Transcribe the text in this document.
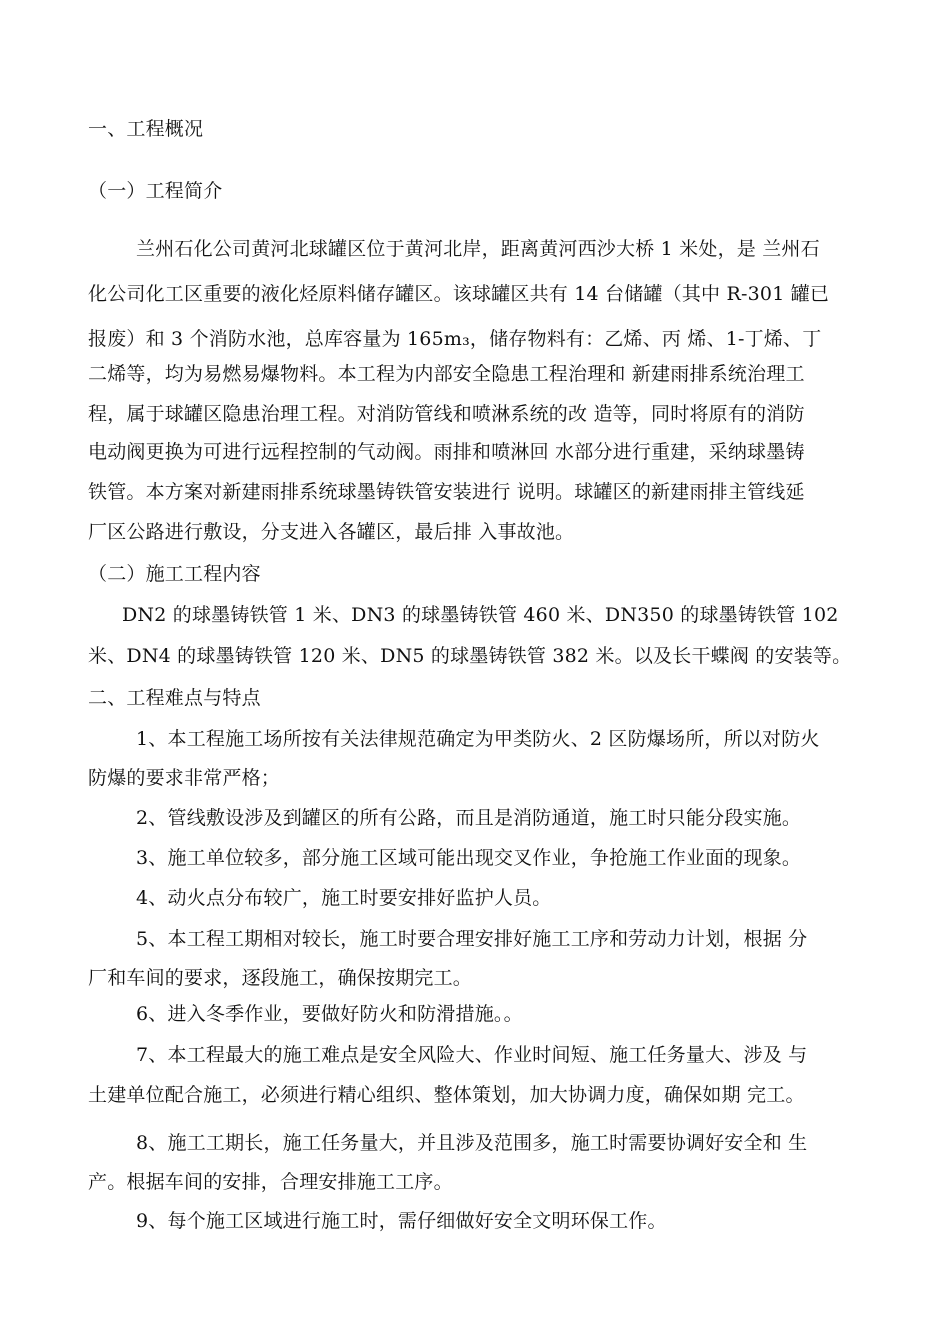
一、工程概况
（一）工程简介
兰州石化公司黄河北球罐区位于黄河北岸，距离黄河西沙大桥 1 米处，是 兰州石
化公司化工区重要的液化烃原料储存罐区。该球罐区共有 14 台储罐（其中 R-301 罐已
报废）和 3 个消防水池，总库容量为 165m₃，储存物料有：乙烯、丙 烯、1-丁烯、丁
二烯等，均为易燃易爆物料。本工程为内部安全隐患工程治理和 新建雨排系统治理工
程，属于球罐区隐患治理工程。对消防管线和喷淋系统的改 造等，同时将原有的消防
电动阀更换为可进行远程控制的气动阀。雨排和喷淋回 水部分进行重建，采纳球墨铸
铁管。本方案对新建雨排系统球墨铸铁管安装进行 说明。球罐区的新建雨排主管线延
厂区公路进行敷设，分支进入各罐区，最后排 入事故池。
（二）施工工程内容
DN2 的球墨铸铁管 1 米、DN3 的球墨铸铁管 460 米、DN350 的球墨铸铁管 102
米、DN4 的球墨铸铁管 120 米、DN5 的球墨铸铁管 382 米。以及长干蝶阀 的安装等。
二、工程难点与特点
1、本工程施工场所按有关法律规范确定为甲类防火、2 区防爆场所，所以对防火
防爆的要求非常严格；
2、管线敷设涉及到罐区的所有公路，而且是消防通道，施工时只能分段实施。
3、施工单位较多，部分施工区域可能出现交叉作业，争抢施工作业面的现象。
4、动火点分布较广，施工时要安排好监护人员。
5、本工程工期相对较长，施工时要合理安排好施工工序和劳动力计划，根据 分
厂和车间的要求，逐段施工，确保按期完工。
6、进入冬季作业，要做好防火和防滑措施。。
7、本工程最大的施工难点是安全风险大、作业时间短、施工任务量大、涉及 与
土建单位配合施工，必须进行精心组织、整体策划，加大协调力度，确保如期 完工。
8、施工工期长，施工任务量大，并且涉及范围多，施工时需要协调好安全和 生
产。根据车间的安排，合理安排施工工序。
9、每个施工区域进行施工时，需仔细做好安全文明环保工作。
